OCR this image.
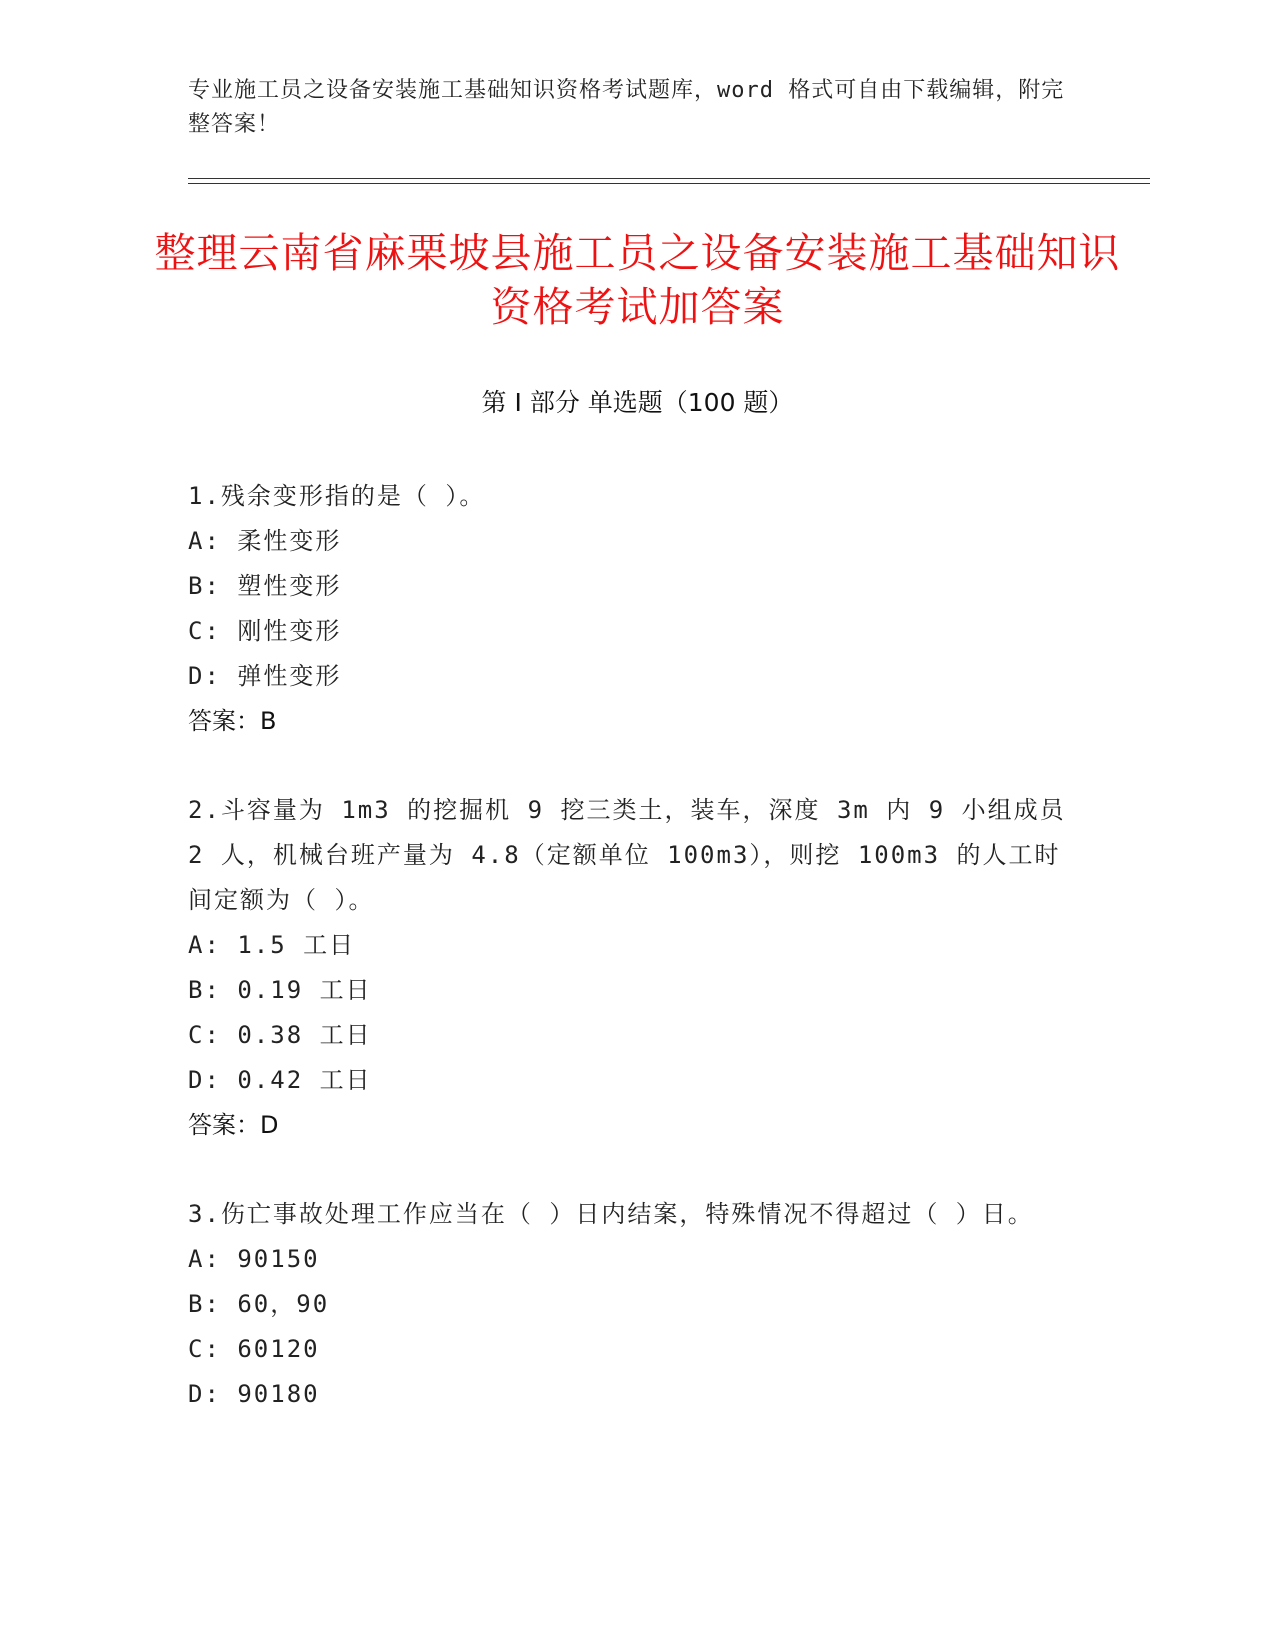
专业施工员之设备安装施工基础知识资格考试题库，word 格式可自由下载编辑，附完整答案！
整理云南省麻栗坡县施工员之设备安装施工基础知识资格考试加答案
第 I 部分 单选题（100 题）

1.残余变形指的是（ ）。

A: 柔性变形

B: 塑性变形

C: 刚性变形

D: 弹性变形

答案：B

2.斗容量为 1m3 的挖掘机 9 挖三类土，装车，深度 3m 内 9 小组成员 2 人，机械台班产量为 4.8（定额单位 100m3），则挖 100m3 的人工时间定额为（ ）。

A: 1.5 工日

B: 0.19 工日

C: 0.38 工日

D: 0.42 工日

答案：D

3.伤亡事故处理工作应当在（ ）日内结案，特殊情况不得超过（ ）日。

A: 90150

B: 60，90

C: 60120

D: 90180
